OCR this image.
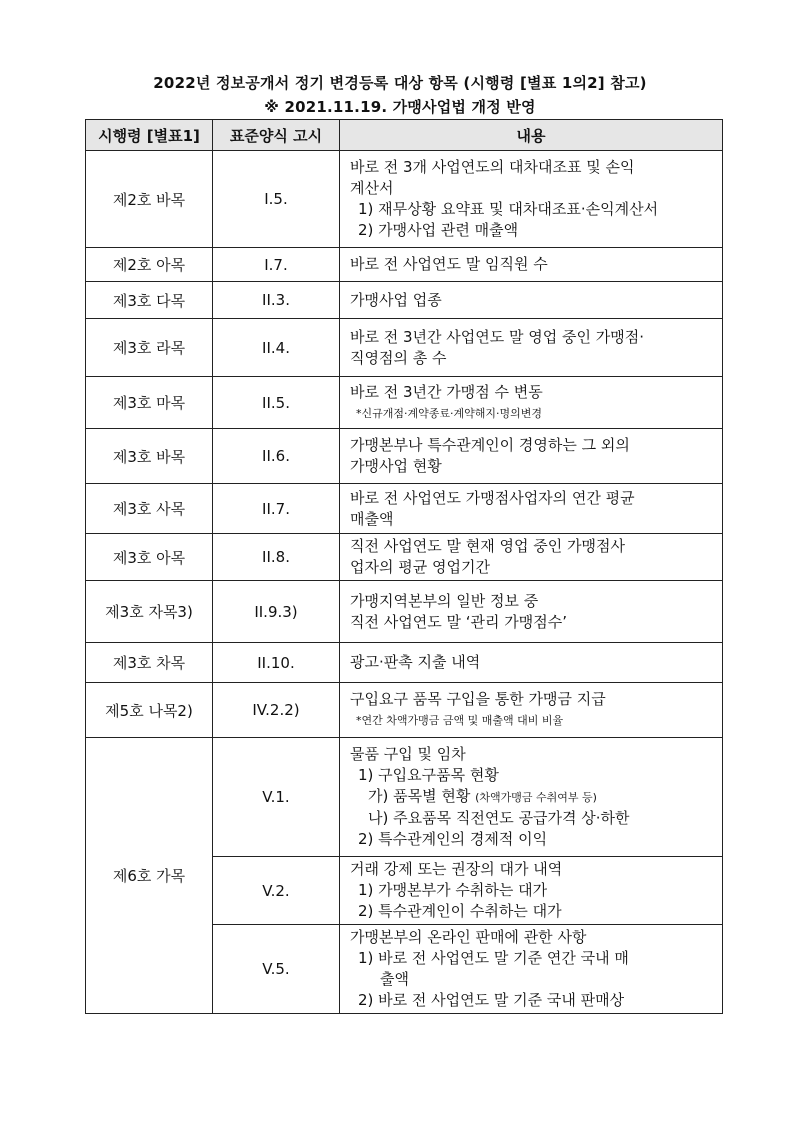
2022년 정보공개서 정기 변경등록 대상 항목 (시행령 [별표 1의2] 참고)
※ 2021.11.19. 가맹사업법 개정 반영
시행령 [별표1]	표준양식 고시	내용
제2호 바목	I.5.	바로 전 3개 사업연도의 대차대조표 및 손익
계산서
1) 재무상황 요약표 및 대차대조표·손익계산서
2) 가맹사업 관련 매출액

제2호 아목	I.7.	바로 전 사업연도 말 임직원 수

제3호 다목	II.3.	가맹사업 업종

제3호 라목	II.4.	바로 전 3년간 사업연도 말 영업 중인 가맹점·
직영점의 총 수

제3호 마목	II.5.	바로 전 3년간 가맹점 수 변동
*신규개점·계약종료·계약해지·명의변경

제3호 바목	II.6.	가맹본부나 특수관계인이 경영하는 그 외의
가맹사업 현황

제3호 사목	II.7.	바로 전 사업연도 가맹점사업자의 연간 평균
매출액

제3호 아목	II.8.	직전 사업연도 말 현재 영업 중인 가맹점사
업자의 평균 영업기간

제3호 자목3)	II.9.3)	가맹지역본부의 일반 정보 중
직전 사업연도 말 ‘관리 가맹점수’

제3호 차목	II.10.	광고·판촉 지출 내역

제5호 나목2)	IV.2.2)	구입요구 품목 구입을 통한 가맹금 지급
*연간 차액가맹금 금액 및 매출액 대비 비율

제6호 가목	V.1.	물품 구입 및 임차
1) 구입요구품목 현황
가) 품목별 현황 (차액가맹금 수취여부 등)
나) 주요품목 직전연도 공급가격 상·하한
2) 특수관계인의 경제적 이익

	V.2.	거래 강제 또는 권장의 대가 내역
1) 가맹본부가 수취하는 대가
2) 특수관계인이 수취하는 대가

	V.5.	가맹본부의 온라인 판매에 관한 사항
1) 바로 전 사업연도 말 기준 연간 국내 매
출액
2) 바로 전 사업연도 말 기준 국내 판매상
